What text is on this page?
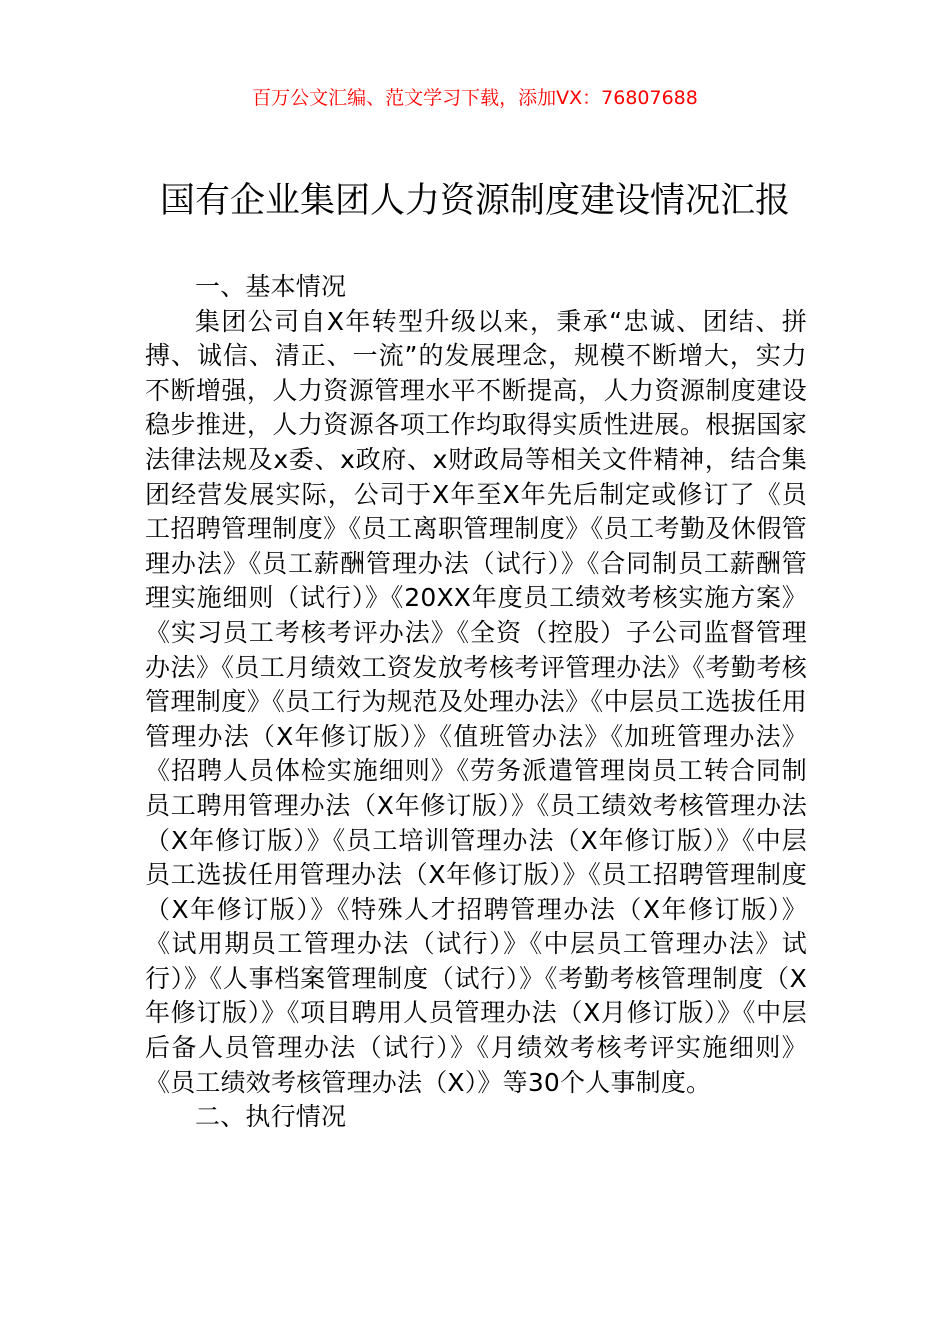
百万公文汇编、范文学习下载，添加VX：76807688
国有企业集团人力资源制度建设情况汇报
一、基本情况

集团公司自X年转型升级以来，秉承“忠诚、团结、拼搏、诚信、清正、一流”的发展理念，规模不断增大，实力不断增强，人力资源管理水平不断提高，人力资源制度建设稳步推进，人力资源各项工作均取得实质性进展。根据国家法律法规及x委、x政府、x财政局等相关文件精神，结合集团经营发展实际，公司于X年至X年先后制定或修订了《员工招聘管理制度》《员工离职管理制度》《员工考勤及休假管理办法》《员工薪酬管理办法（试行）》《合同制员工薪酬管理实施细则（试行）》《20XX年度员工绩效考核实施方案》《实习员工考核考评办法》《全资（控股）子公司监督管理办法》《员工月绩效工资发放考核考评管理办法》《考勤考核管理制度》《员工行为规范及处理办法》《中层员工选拔任用管理办法（X年修订版）》《值班管办法》《加班管理办法》《招聘人员体检实施细则》《劳务派遣管理岗员工转合同制员工聘用管理办法（X年修订版）》《员工绩效考核管理办法（X年修订版）》《员工培训管理办法（X年修订版）》《中层员工选拔任用管理办法（X年修订版）》《员工招聘管理制度（X年修订版）》《特殊人才招聘管理办法（X年修订版）》《试用期员工管理办法（试行）》《中层员工管理办法》试行）》《人事档案管理制度（试行）》《考勤考核管理制度（X年修订版）》《项目聘用人员管理办法（X月修订版）》《中层后备人员管理办法（试行）》《月绩效考核考评实施细则》《员工绩效考核管理办法（X）》等30个人事制度。

二、执行情况
